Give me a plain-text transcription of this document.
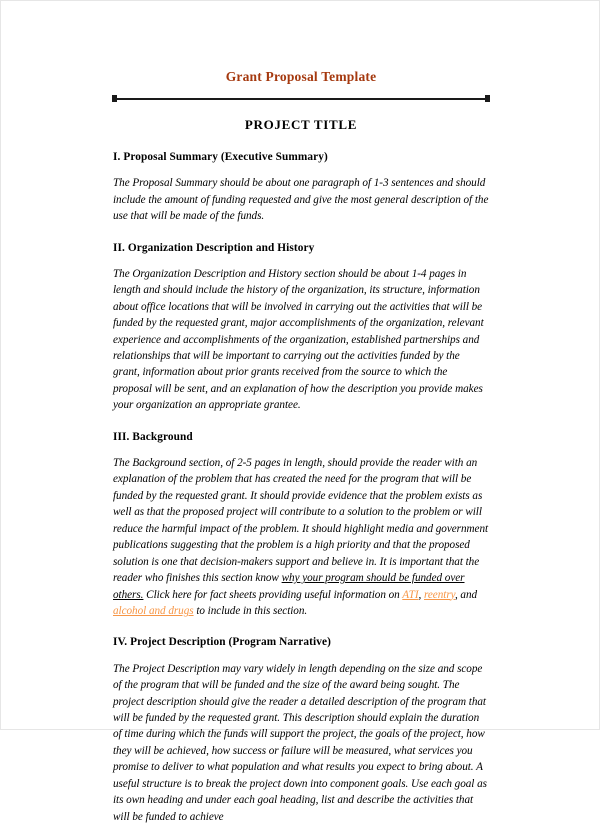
Grant Proposal Template
PROJECT TITLE
I. Proposal Summary (Executive Summary)

The Proposal Summary should be about one paragraph of 1-3 sentences and should include the amount of funding requested and give the most general description of the use that will be made of the funds.

II. Organization Description and History

The Organization Description and History section should be about 1-4 pages in length and should include the history of the organization, its structure, information about office locations that will be involved in carrying out the activities that will be funded by the requested grant, major accomplishments of the organization, relevant experience and accomplishments of the organization, established partnerships and relationships that will be important to carrying out the activities funded by the grant, information about prior grants received from the source to which the proposal will be sent, and an explanation of how the description you provide makes your organization an appropriate grantee.

III. Background

The Background section, of 2-5 pages in length, should provide the reader with an explanation of the problem that has created the need for the program that will be funded by the requested grant. It should provide evidence that the problem exists as well as that the proposed project will contribute to a solution to the problem or will reduce the harmful impact of the problem. It should highlight media and government publications suggesting that the problem is a high priority and that the proposed solution is one that decision-makers support and believe in. It is important that the reader who finishes this section know why your program should be funded over others. Click here for fact sheets providing useful information on ATI, reentry, and alcohol and drugs to include in this section.

IV. Project Description (Program Narrative)

The Project Description may vary widely in length depending on the size and scope of the program that will be funded and the size of the award being sought. The project description should give the reader a detailed description of the program that will be funded by the requested grant. This description should explain the duration of time during which the funds will support the project, the goals of the project, how they will be achieved, how success or failure will be measured, what services you promise to deliver to what population and what results you expect to bring about. A useful structure is to break the project down into component goals. Use each goal as its own heading and under each goal heading, list and describe the activities that will be funded to achieve
